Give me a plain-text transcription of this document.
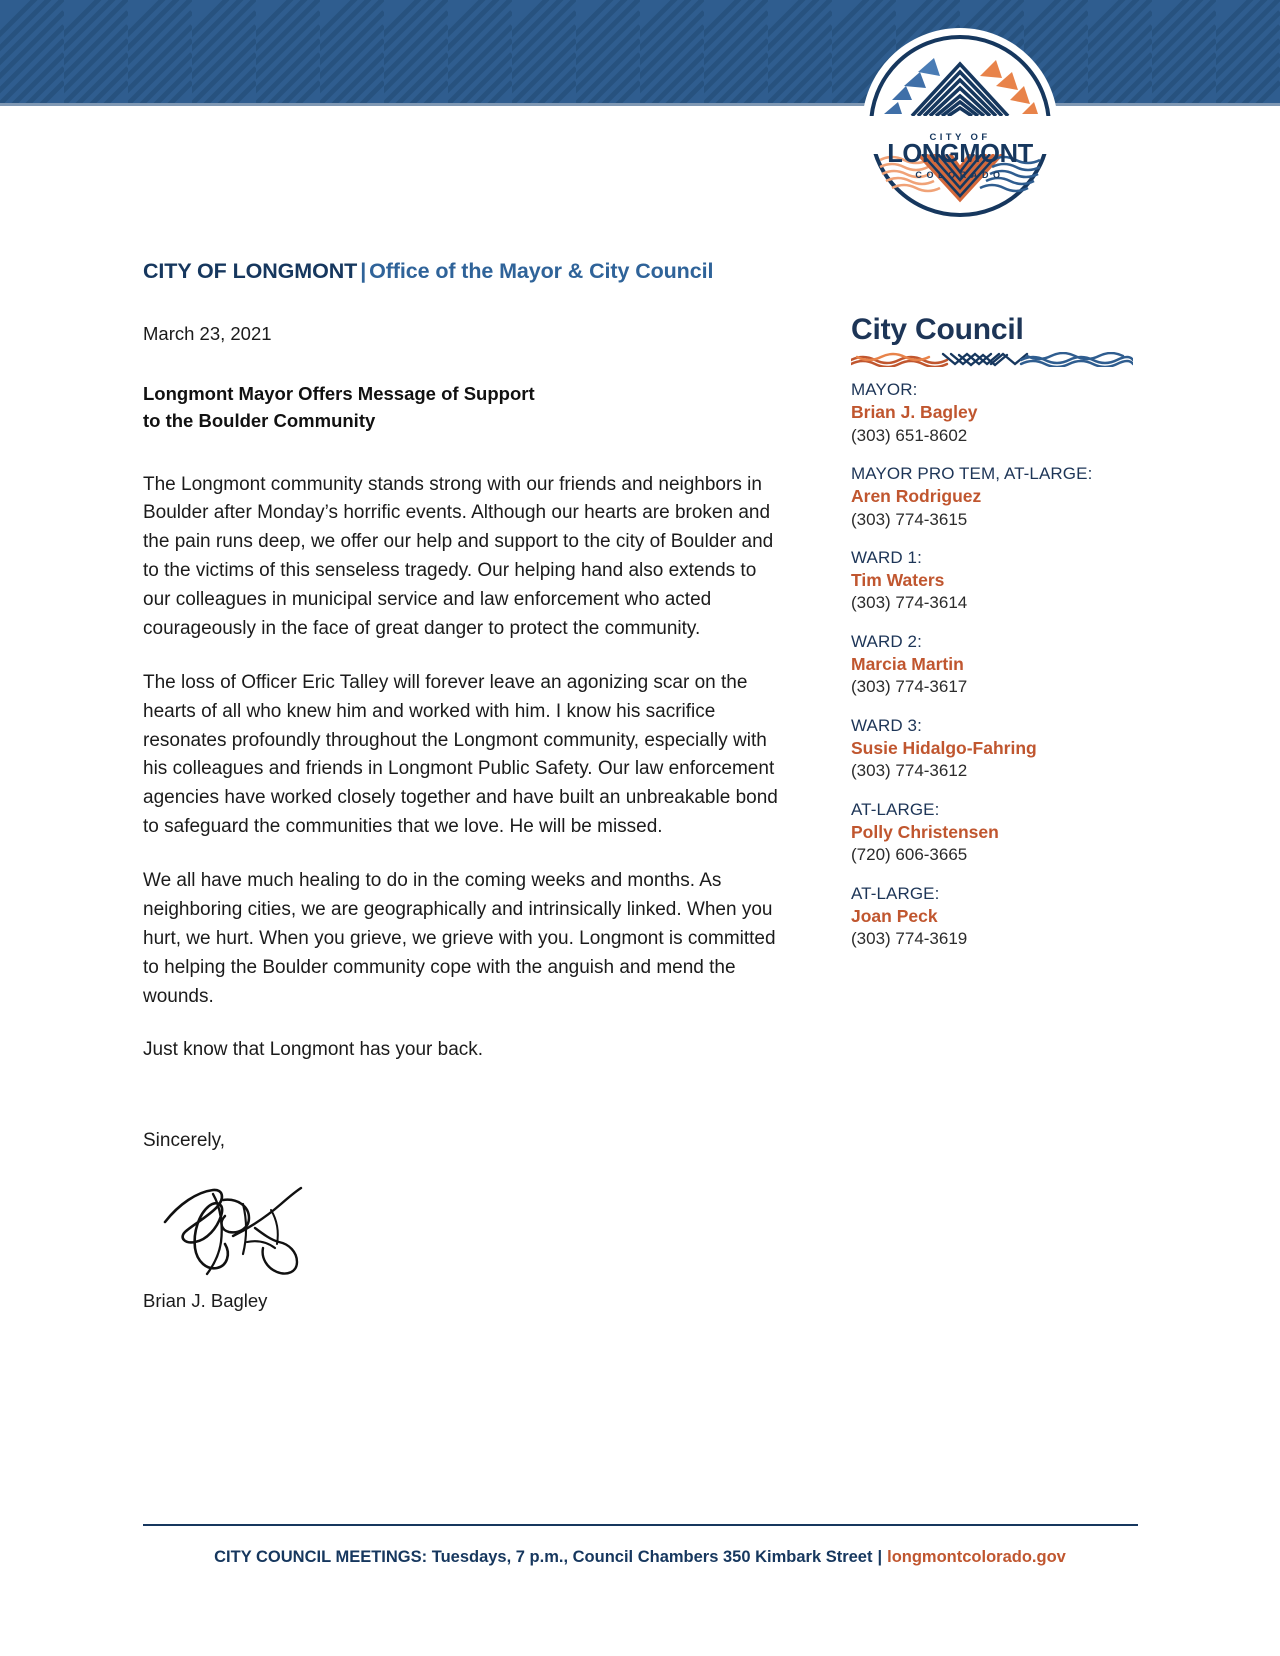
CITY OF
LONGMONT
COLORADO
CITY OF LONGMONT | Office of the Mayor & City Council

March 23, 2021

Longmont Mayor Offers Message of Support
to the Boulder Community

The Longmont community stands strong with our friends and neighbors in Boulder after Monday’s horrific events. Although our hearts are broken and the pain runs deep, we offer our help and support to the city of Boulder and to the victims of this senseless tragedy. Our helping hand also extends to our colleagues in municipal service and law enforcement who acted courageously in the face of great danger to protect the community.

The loss of Officer Eric Talley will forever leave an agonizing scar on the hearts of all who knew him and worked with him. I know his sacrifice resonates profoundly throughout the Longmont community, especially with his colleagues and friends in Longmont Public Safety. Our law enforcement agencies have worked closely together and have built an unbreakable bond to safeguard the communities that we love. He will be missed.

We all have much healing to do in the coming weeks and months. As neighboring cities, we are geographically and intrinsically linked. When you hurt, we hurt. When you grieve, we grieve with you. Longmont is committed to helping the Boulder community cope with the anguish and mend the wounds.

Just know that Longmont has your back.

Sincerely,

Brian J. Bagley

City Council
MAYOR:
Brian J. Bagley
(303) 651-8602
MAYOR PRO TEM, AT-LARGE:
Aren Rodriguez
(303) 774-3615
WARD 1:
Tim Waters
(303) 774-3614
WARD 2:
Marcia Martin
(303) 774-3617
WARD 3:
Susie Hidalgo-Fahring
(303) 774-3612
AT-LARGE:
Polly Christensen
(720) 606-3665
AT-LARGE:
Joan Peck
(303) 774-3619
CITY COUNCIL MEETINGS: Tuesdays, 7 p.m., Council Chambers 350 Kimbark Street | longmontcolorado.gov
